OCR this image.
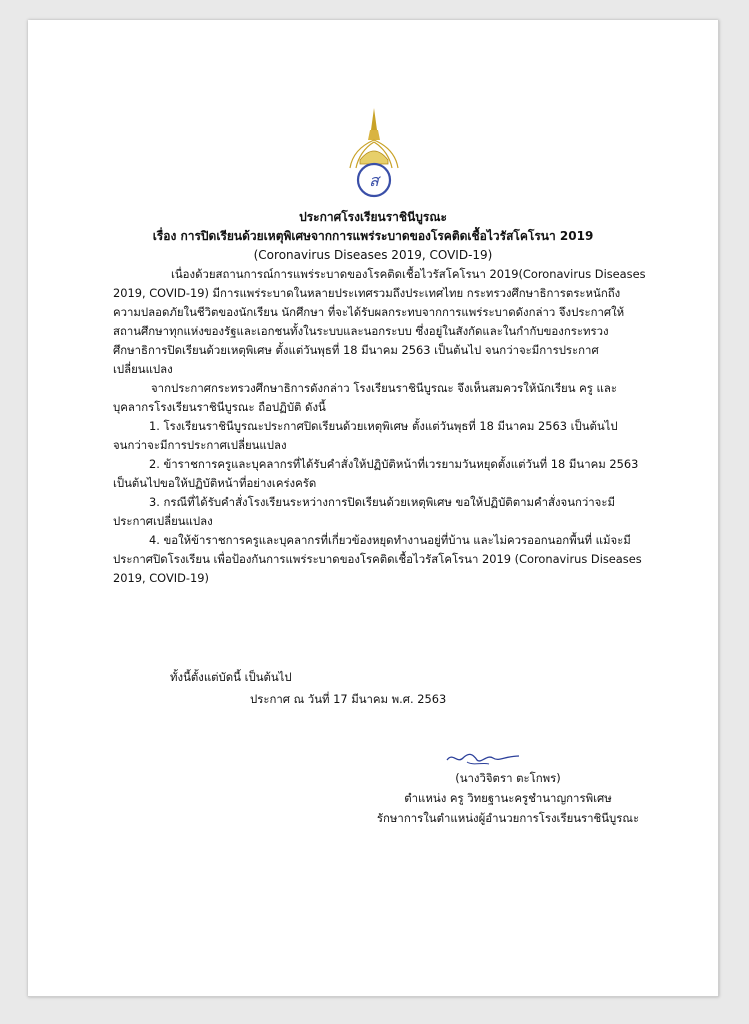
ส
ประกาศโรงเรียนราชินีบูรณะ
เรื่อง การปิดเรียนด้วยเหตุพิเศษจากการแพร่ระบาดของโรคติดเชื้อไวรัสโคโรนา 2019
(Coronavirus Diseases 2019, COVID-19)

เนื่องด้วยสถานการณ์การแพร่ระบาดของโรคติดเชื้อไวรัสโคโรนา 2019(Coronavirus Diseases 2019, COVID-19) มีการแพร่ระบาดในหลายประเทศรวมถึงประเทศไทย กระทรวงศึกษาธิการตระหนักถึงความปลอดภัยในชีวิตของนักเรียน นักศึกษา ที่จะได้รับผลกระทบจากการแพร่ระบาดดังกล่าว จึงประกาศให้สถานศึกษาทุกแห่งของรัฐและเอกชนทั้งในระบบและนอกระบบ ซึ่งอยู่ในสังกัดและในกำกับของกระทรวงศึกษาธิการปิดเรียนด้วยเหตุพิเศษ ตั้งแต่วันพุธที่ 18 มีนาคม 2563 เป็นต้นไป จนกว่าจะมีการประกาศเปลี่ยนแปลง

จากประกาศกระทรวงศึกษาธิการดังกล่าว โรงเรียนราชินีบูรณะ จึงเห็นสมควรให้นักเรียน ครู และบุคลากรโรงเรียนราชินีบูรณะ ถือปฏิบัติ ดังนี้

1. โรงเรียนราชินีบูรณะประกาศปิดเรียนด้วยเหตุพิเศษ ตั้งแต่วันพุธที่ 18 มีนาคม 2563 เป็นต้นไป จนกว่าจะมีการประกาศเปลี่ยนแปลง

2. ข้าราชการครูและบุคลากรที่ได้รับคำสั่งให้ปฏิบัติหน้าที่เวรยามวันหยุดตั้งแต่วันที่ 18 มีนาคม 2563 เป็นต้นไปขอให้ปฏิบัติหน้าที่อย่างเคร่งครัด

3. กรณีที่ได้รับคำสั่งโรงเรียนระหว่างการปิดเรียนด้วยเหตุพิเศษ ขอให้ปฏิบัติตามคำสั่งจนกว่าจะมีประกาศเปลี่ยนแปลง

4. ขอให้ข้าราชการครูและบุคลากรที่เกี่ยวข้องหยุดทำงานอยู่ที่บ้าน และไม่ควรออกนอกพื้นที่ แม้จะมีประกาศปิดโรงเรียน เพื่อป้องกันการแพร่ระบาดของโรคติดเชื้อไวรัสโคโรนา 2019 (Coronavirus Diseases 2019, COVID-19)

ทั้งนี้ตั้งแต่บัดนี้ เป็นต้นไป
ประกาศ ณ วันที่ 17 มีนาคม พ.ศ. 2563
(นางวิจิตรา ตะโกพร)
ตำแหน่ง ครู วิทยฐานะครูชำนาญการพิเศษ
รักษาการในตำแหน่งผู้อำนวยการโรงเรียนราชินีบูรณะ
